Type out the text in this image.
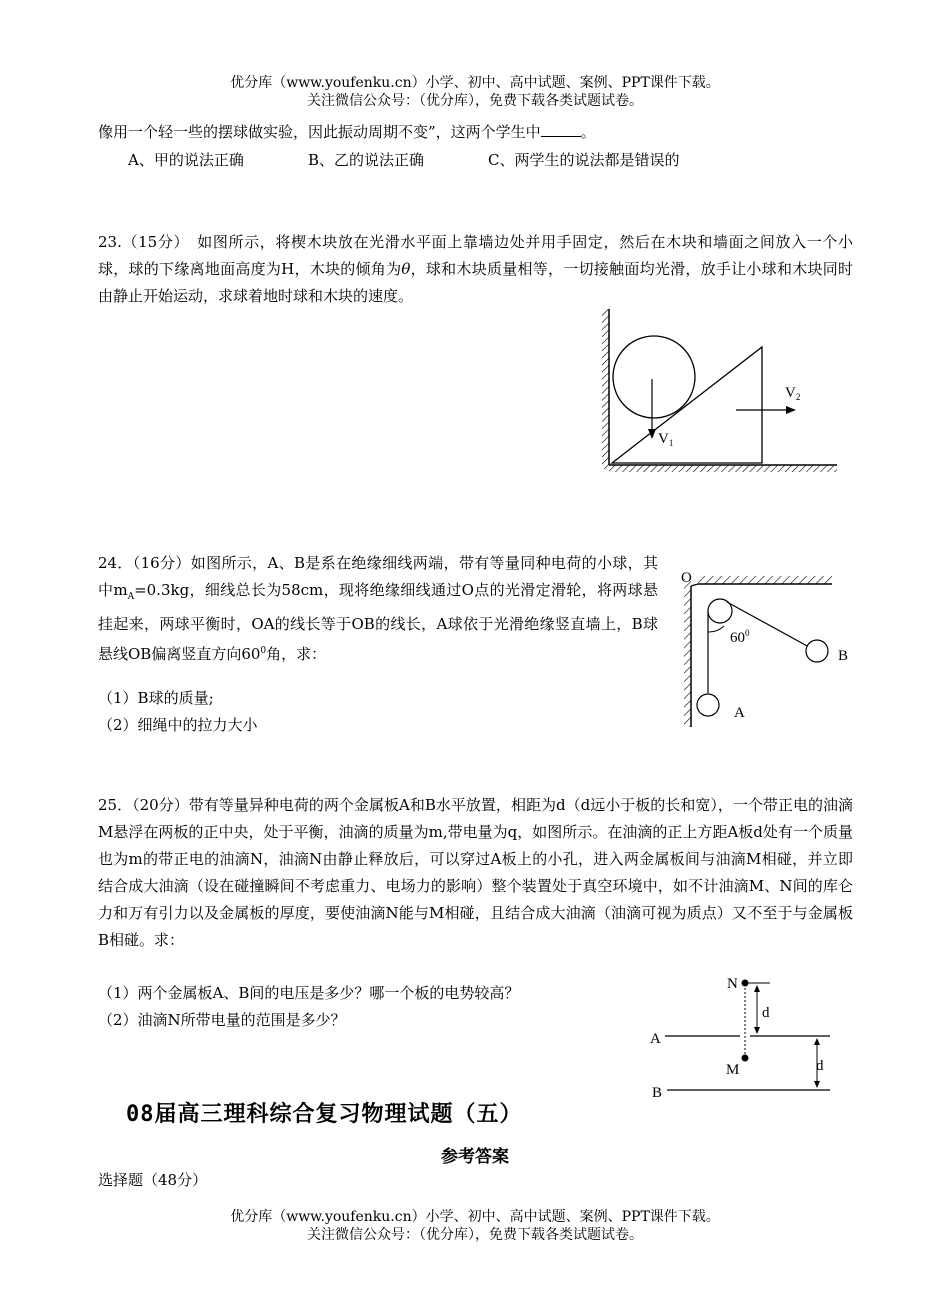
优分库（www.youfenku.cn）小学、初中、高中试题、案例、PPT课件下载。
关注微信公众号：（优分库），免费下载各类试题试卷。
像用一个轻一些的摆球做实验，因此振动周期不变”，这两个学生中	。
A、甲的说法正确	B、乙的说法正确	C、两学生的说法都是错误的
23.（15分）　如图所示，将楔木块放在光滑水平面上靠墙边处并用手固定，然后在木块和墙面之间放入一个小球，球的下缘离地面高度为H，木块的倾角为θ，球和木块质量相等，一切接触面均光滑，放手让小球和木块同时由静止开始运动，求球着地时球和木块的速度。
$V_1$
$V_2$
24．（16分）如图所示，A、B是系在绝缘细线两端，带有等量同种电荷的小球，其中$m_A=0.3kg$，细线总长为58cm，现将绝缘细线通过O点的光滑定滑轮，将两球悬挂起来，两球平衡时，OA的线长等于OB的线长，A球依于光滑绝缘竖直墙上，B球悬线OB偏离竖直方向$60^0$角，求：
（1）B球的质量;
（2）细绳中的拉力大小
O
$60^0$
B
A
25．（20分）带有等量异种电荷的两个金属板A和B水平放置，相距为d（d远小于板的长和宽），一个带正电的油滴M悬浮在两板的正中央，处于平衡，油滴的质量为m,带电量为q，如图所示。在油滴的正上方距A板d处有一个质量也为m的带正电的油滴N，油滴N由静止释放后，可以穿过A板上的小孔，进入两金属板间与油滴M相碰，并立即结合成大油滴（设在碰撞瞬间不考虑重力、电场力的影响）整个装置处于真空环境中，如不计油滴M、N间的库仑力和万有引力以及金属板的厚度，要使油滴N能与M相碰，且结合成大油滴（油滴可视为质点）又不至于与金属板B相碰。求：
（1）两个金属板A、B间的电压是多少？哪一个板的电势较高？
（2）油滴N所带电量的范围是多少？
N
d
A
M	d
B
08届高三理科综合复习物理试题（五）
参考答案
选择题（48分）
优分库（www.youfenku.cn）小学、初中、高中试题、案例、PPT课件下载。
关注微信公众号：（优分库），免费下载各类试题试卷。
